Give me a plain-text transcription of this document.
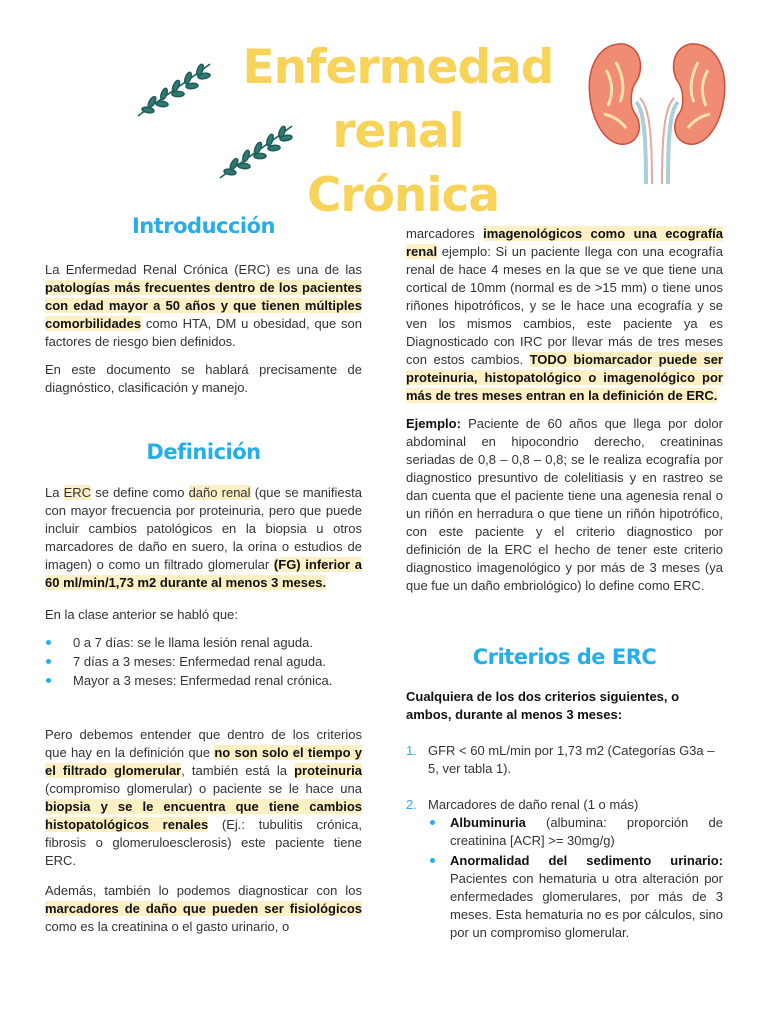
Enfermedad renal
Crónica
Introducción

La Enfermedad Renal Crónica (ERC) es una de las patologías más frecuentes dentro de los pacientes con edad mayor a 50 años y que tienen múltiples comorbilidades como HTA, DM u obesidad, que son factores de riesgo bien definidos.

En este documento se hablará precisamente de diagnóstico, clasificación y manejo.

Definición

La ERC se define como daño renal (que se manifiesta con mayor frecuencia por proteinuria, pero que puede incluir cambios patológicos en la biopsia u otros marcadores de daño en suero, la orina o estudios de imagen) o como un filtrado glomerular (FG) inferior a 60 ml/min/1,73 m2 durante al menos 3 meses.

En la clase anterior se habló que:

0 a 7 días: se le llama lesión renal aguda.
7 días a 3 meses: Enfermedad renal aguda.
Mayor a 3 meses: Enfermedad renal crónica.

Pero debemos entender que dentro de los criterios que hay en la definición que no son solo el tiempo y el filtrado glomerular, también está la proteinuria (compromiso glomerular) o paciente se le hace una biopsia y se le encuentra que tiene cambios histopatológicos renales (Ej.: tubulitis crónica, fibrosis o glomeruloesclerosis) este paciente tiene ERC.

Además, también lo podemos diagnosticar con los marcadores de daño que pueden ser fisiológicos como es la creatinina o el gasto urinario, o

marcadores imagenológicos como una ecografía renal ejemplo: Si un paciente llega con una ecografía renal de hace 4 meses en la que se ve que tiene una cortical de 10mm (normal es de >15 mm) o tiene unos riñones hipotróficos, y se le hace una ecografía y se ven los mismos cambios, este paciente ya es Diagnosticado con IRC por llevar más de tres meses con estos cambios. TODO biomarcador puede ser proteinuria, histopatológico o imagenológico por más de tres meses entran en la definición de ERC.

Ejemplo: Paciente de 60 años que llega por dolor abdominal en hipocondrio derecho, creatininas seriadas de 0,8 – 0,8 – 0,8; se le realiza ecografía por diagnostico presuntivo de colelitiasis y en rastreo se dan cuenta que el paciente tiene una agenesia renal o un riñón en herradura o que tiene un riñón hipotrófico, con este paciente y el criterio diagnostico por definición de la ERC el hecho de tener este criterio diagnostico imagenológico y por más de 3 meses (ya que fue un daño embriológico) lo define como ERC.

Criterios de ERC

Cualquiera de los dos criterios siguientes, o ambos, durante al menos 3 meses:

1. GFR < 60 mL/min por 1,73 m2 (Categorías G3a – 5, ver tabla 1).
2. Marcadores de daño renal (1 o más)
Albuminuria (albumina: proporción de creatinina [ACR] >= 30mg/g)
Anormalidad del sedimento urinario: Pacientes con hematuria u otra alteración por enfermedades glomerulares, por más de 3 meses. Esta hematuria no es por cálculos, sino por un compromiso glomerular.
